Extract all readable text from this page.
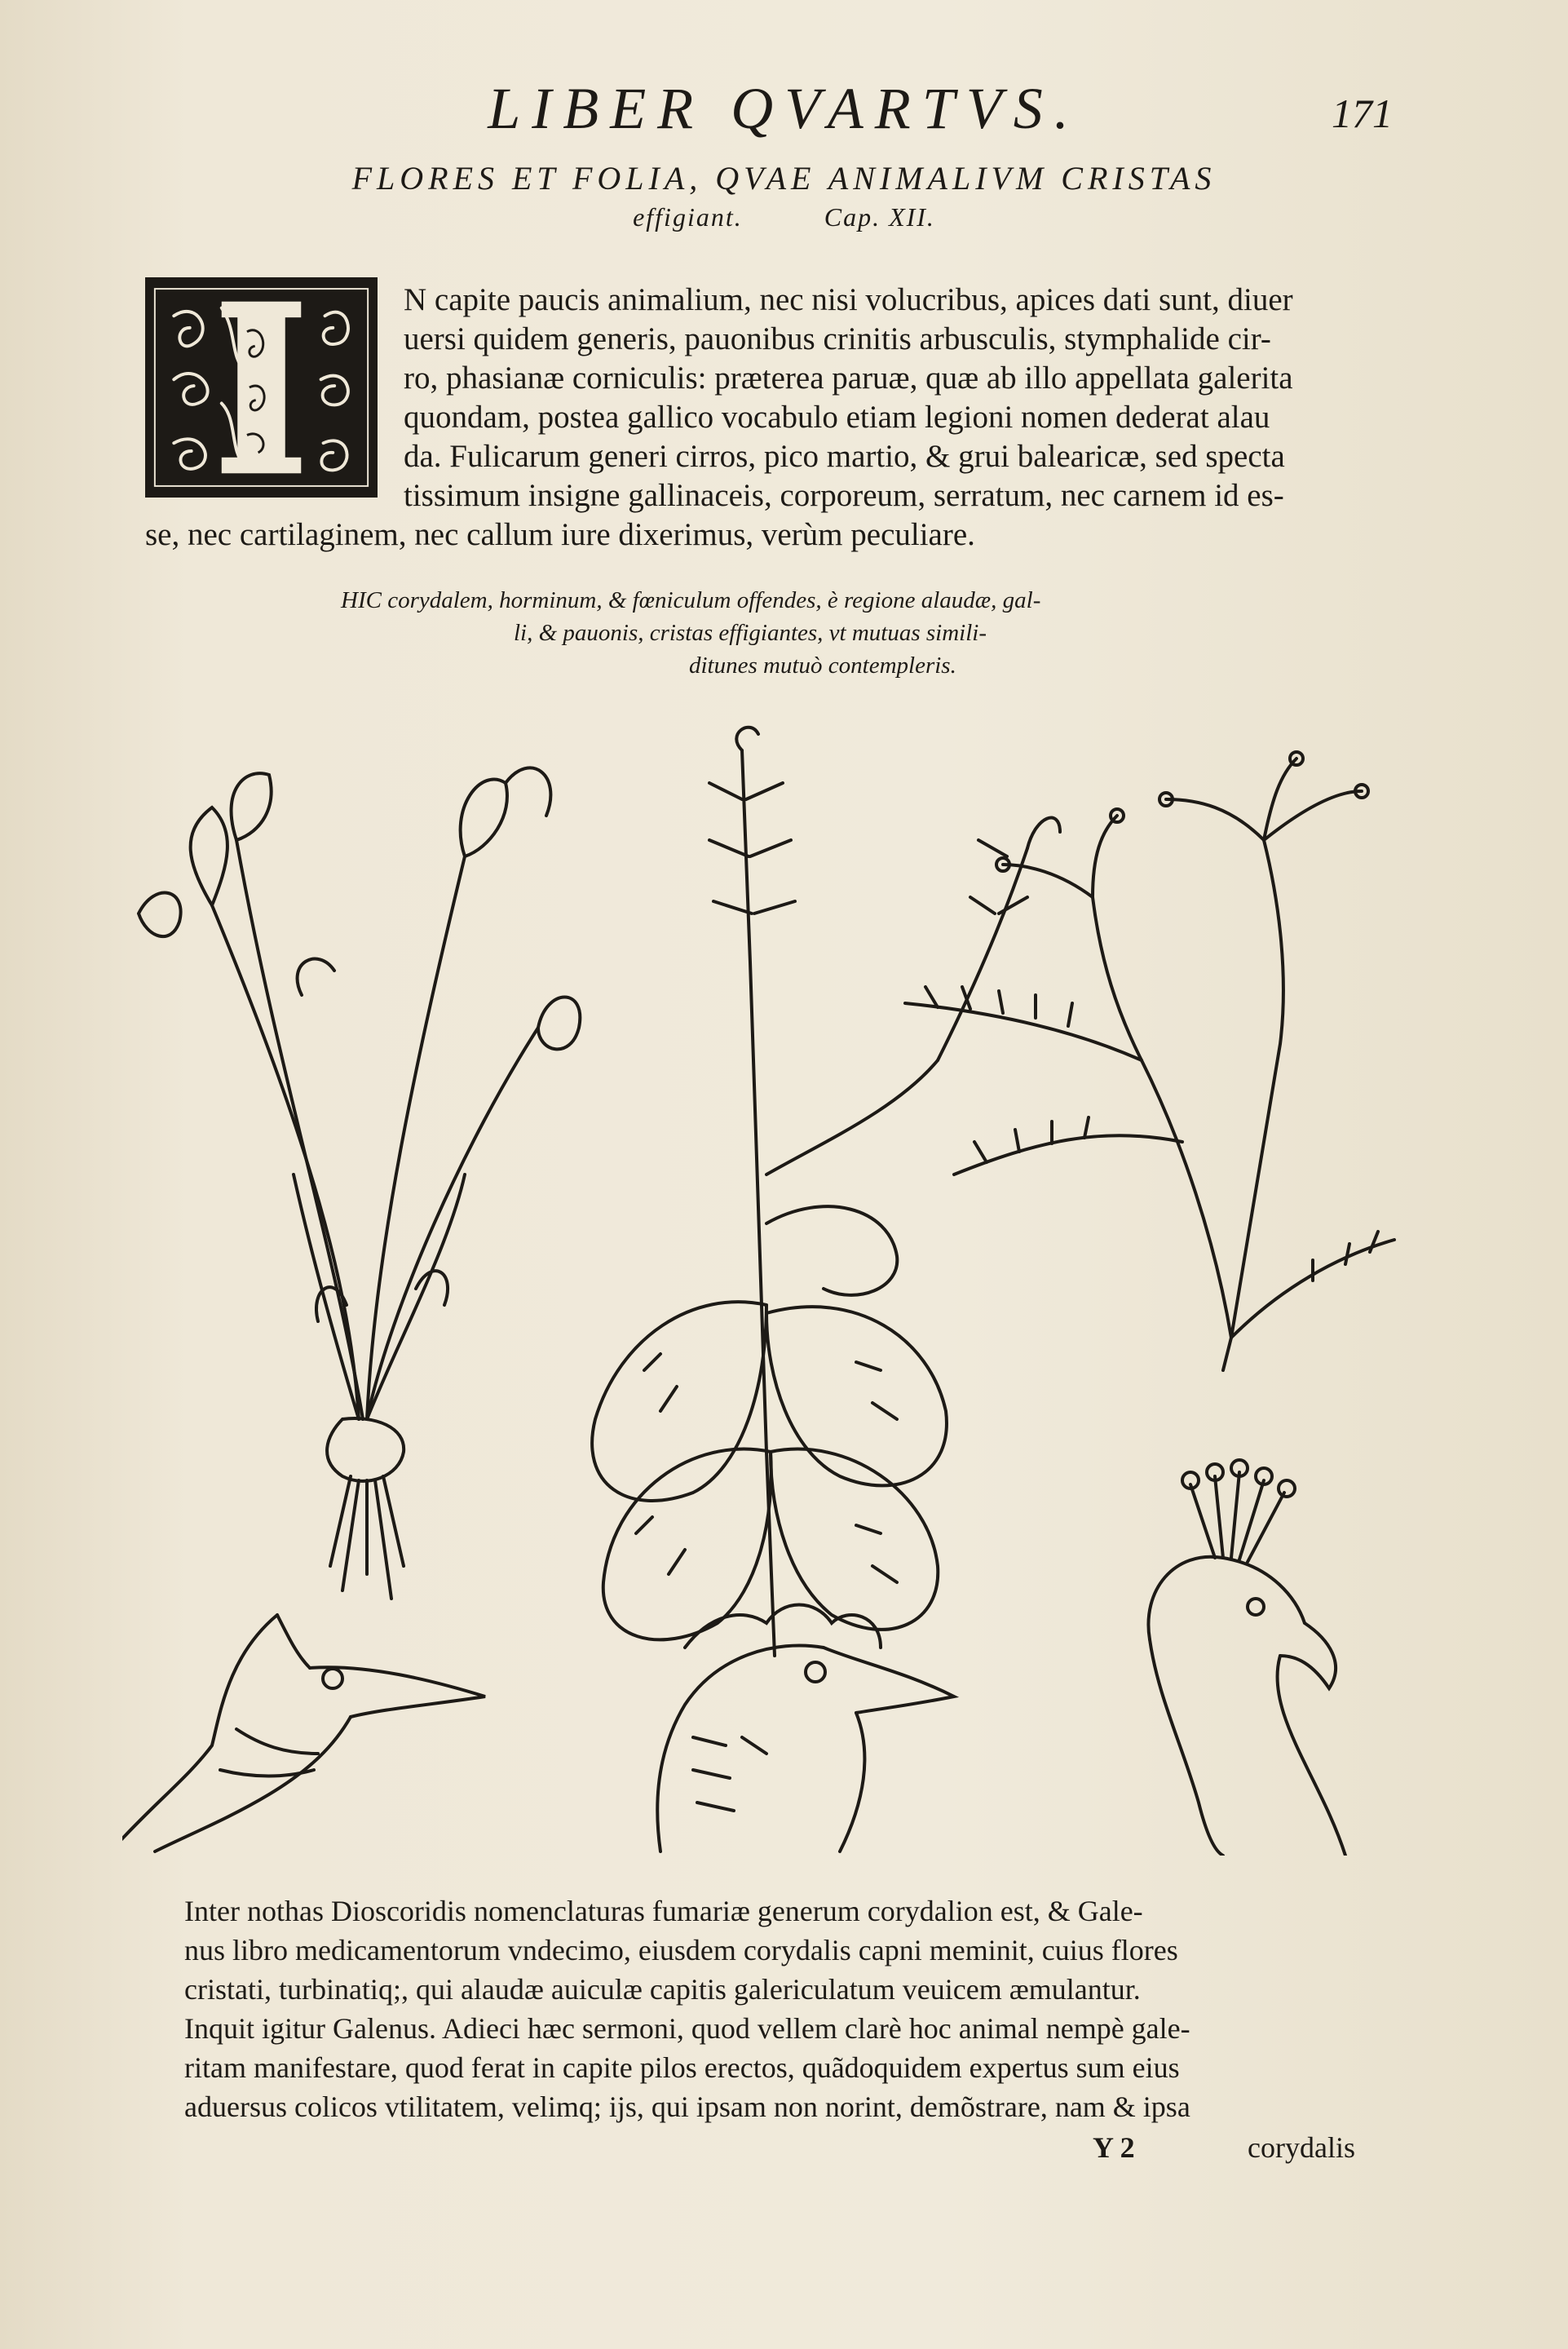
LIBER QVARTVS.	171
FLORES ET FOLIA, QVAE ANIMALIVM CRISTAS
effigiant.	Cap. XII.
N capite paucis animalium, nec nisi volucribus, apices dati sunt, diuer
uersi quidem generis, pauonibus crinitis arbusculis, stymphalide cir-
ro, phasianæ corniculis: præterea paruæ, quæ ab illo appellata galerita
quondam, postea gallico vocabulo etiam legioni nomen dederat alau
da. Fulicarum generi cirros, pico martio, & grui balearicæ, sed specta
tissimum insigne gallinaceis, corporeum, serratum, nec carnem id es-
se, nec cartilaginem, nec callum iure dixerimus, verùm peculiare.
HIC corydalem, horminum, & fœniculum offendes, è regione alaudæ, gal-
li, & pauonis, cristas effigiantes, vt mutuas simili-
ditunes mutuò contempleris.
Inter nothas Dioscoridis nomenclaturas fumariæ generum corydalion est, & Gale-
nus libro medicamentorum vndecimo, eiusdem corydalis capni meminit, cuius flores
cristati, turbinatiq;, qui alaudæ auiculæ capitis galericulatum veuicem æmulantur.
Inquit igitur Galenus. Adieci hæc sermoni, quod vellem clarè hoc animal nempè gale-
ritam manifestare, quod ferat in capite pilos erectos, quãdoquidem expertus sum eius
aduersus colicos vtilitatem, velimq; ijs, qui ipsam non norint, demõstrare, nam & ipsa
Y 2	corydalis
